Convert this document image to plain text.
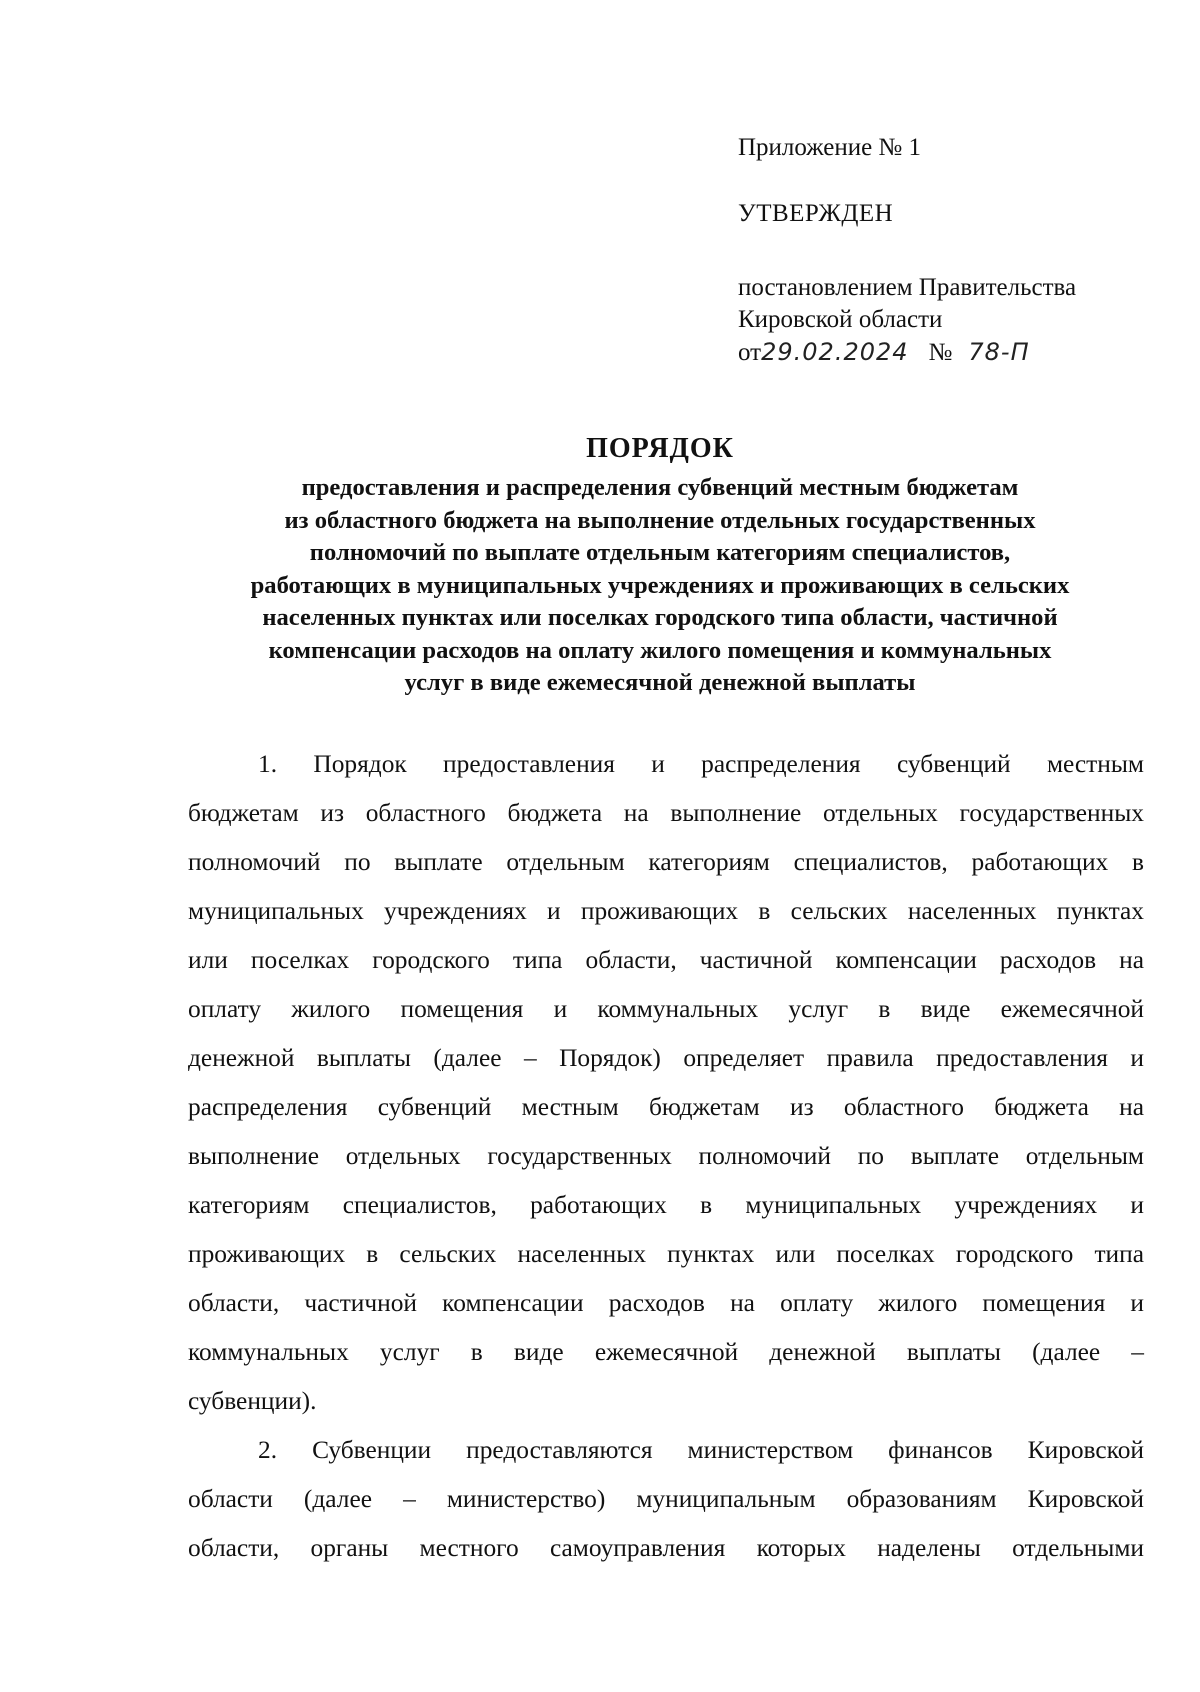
Приложение № 1
УТВЕРЖДЕН
постановлением Правительства
Кировской области
от 29.02.2024 № 78-П
ПОРЯДОК
предоставления и распределения субвенций местным бюджетам
из областного бюджета на выполнение отдельных государственных
полномочий по выплате отдельным категориям специалистов,
работающих в муниципальных учреждениях и проживающих в сельских
населенных пунктах или поселках городского типа области, частичной
компенсации расходов на оплату жилого помещения и коммунальных
услуг в виде ежемесячной денежной выплаты
1. Порядок предоставления и распределения субвенций местным
бюджетам из областного бюджета на выполнение отдельных государственных
полномочий по выплате отдельным категориям специалистов, работающих в
муниципальных учреждениях и проживающих в сельских населенных пунктах
или поселках городского типа области, частичной компенсации расходов на
оплату жилого помещения и коммунальных услуг в виде ежемесячной
денежной выплаты (далее – Порядок) определяет правила предоставления и
распределения субвенций местным бюджетам из областного бюджета на
выполнение отдельных государственных полномочий по выплате отдельным
категориям специалистов, работающих в муниципальных учреждениях и
проживающих в сельских населенных пунктах или поселках городского типа
области, частичной компенсации расходов на оплату жилого помещения и
коммунальных услуг в виде ежемесячной денежной выплаты (далее –
субвенции).
2. Субвенции предоставляются министерством финансов Кировской
области (далее – министерство) муниципальным образованиям Кировской
области, органы местного самоуправления которых наделены отдельными
